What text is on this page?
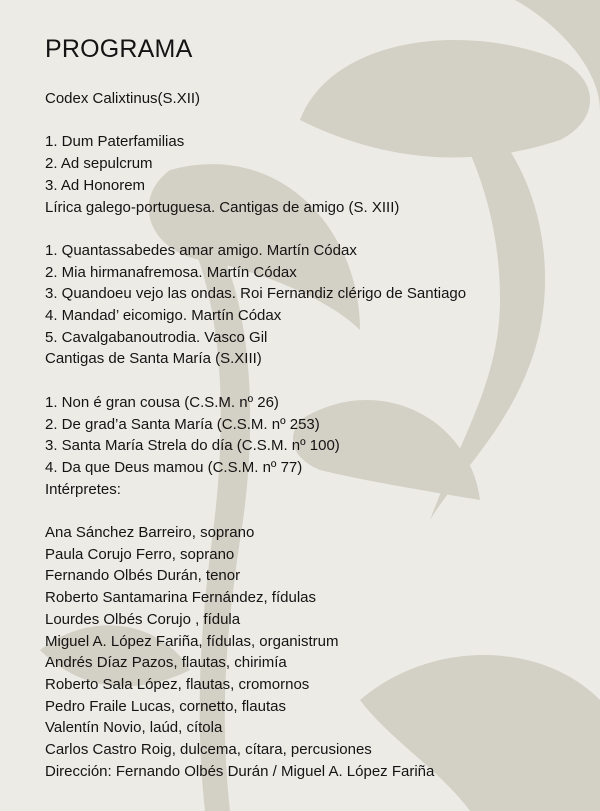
PROGRAMA

Codex Calixtinus(S.XII)

1. Dum Paterfamilias
2. Ad sepulcrum
3. Ad Honorem

Lírica galego-portuguesa. Cantigas de amigo (S. XIII)

1. Quantassabedes amar amigo. Martín Códax
2. Mia hirmanafremosa. Martín Códax
3. Quandoeu vejo las ondas. Roi Fernandiz clérigo de Santiago
4. Mandad’ eicomigo. Martín Códax
5. Cavalgabanoutrodia. Vasco Gil

Cantigas de Santa María (S.XIII)

1. Non é gran cousa (C.S.M. nº 26)
2. De grad’a Santa María (C.S.M. nº 253)
3. Santa María Strela do día (C.S.M. nº 100)
4. Da que Deus mamou (C.S.M. nº 77)

Intérpretes:

Ana Sánchez Barreiro, soprano
Paula Corujo Ferro, soprano
Fernando Olbés Durán, tenor
Roberto Santamarina Fernández, fídulas
Lourdes Olbés Corujo , fídula
Miguel A. López Fariña, fídulas, organistrum
Andrés Díaz Pazos, flautas, chirimía
Roberto Sala López, flautas, cromornos
Pedro Fraile Lucas, cornetto, flautas
Valentín Novio, laúd, cítola
Carlos Castro Roig, dulcema, cítara, percusiones
Dirección: Fernando Olbés Durán / Miguel A. López Fariña
